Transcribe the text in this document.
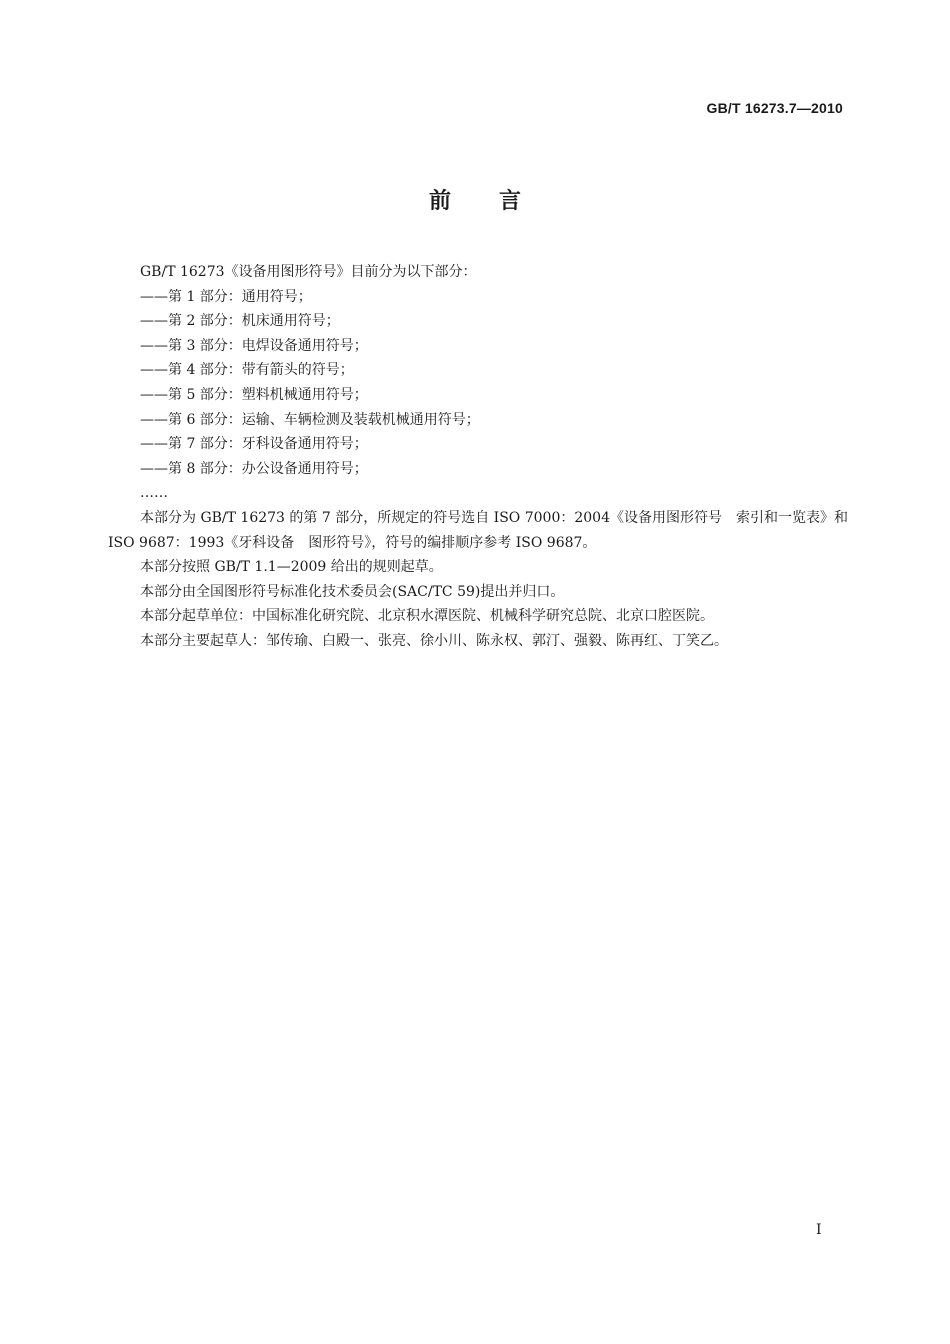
GB/T 16273.7—2010
前言
GB/T 16273《设备用图形符号》目前分为以下部分：
——第 1 部分：通用符号；
——第 2 部分：机床通用符号；
——第 3 部分：电焊设备通用符号；
——第 4 部分：带有箭头的符号；
——第 5 部分：塑料机械通用符号；
——第 6 部分：运输、车辆检测及装载机械通用符号；
——第 7 部分：牙科设备通用符号；
——第 8 部分：办公设备通用符号；
……
本部分为 GB/T 16273 的第 7 部分，所规定的符号选自 ISO 7000：2004《设备用图形符号　索引和一览表》和 ISO 9687：1993《牙科设备　图形符号》，符号的编排顺序参考 ISO 9687。
本部分按照 GB/T 1.1—2009 给出的规则起草。
本部分由全国图形符号标准化技术委员会(SAC/TC 59)提出并归口。
本部分起草单位：中国标准化研究院、北京积水潭医院、机械科学研究总院、北京口腔医院。
本部分主要起草人：邹传瑜、白殿一、张亮、徐小川、陈永权、郭汀、强毅、陈再红、丁笑乙。
I
